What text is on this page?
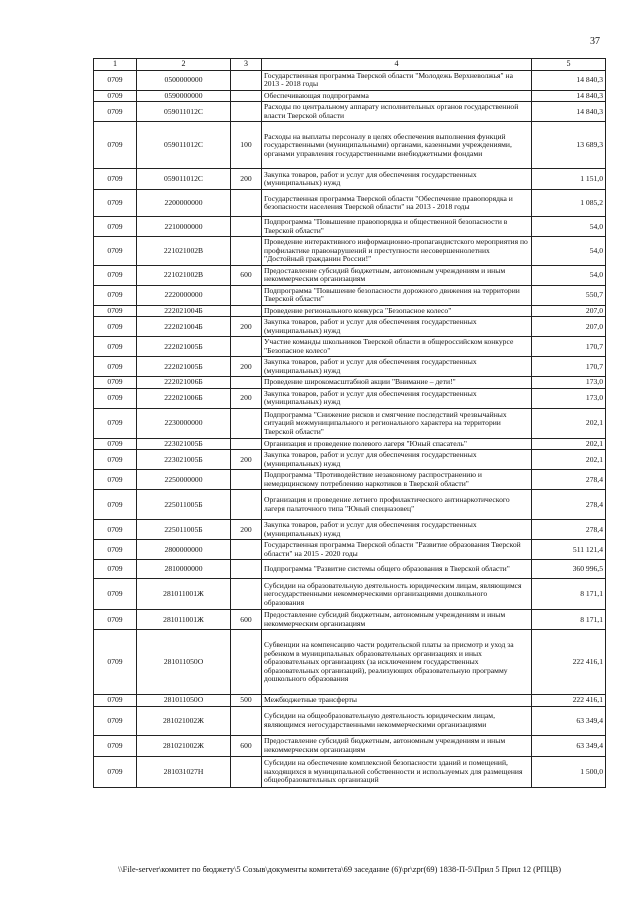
37
1	2	3	4	5
0709	0500000000		Государственная программа Тверской области "Молодежь Верхневолжья" на 2013 - 2018 годы	14 840,3
0709	0590000000		Обеспечивающая подпрограмма	14 840,3
0709	059011012С		Расходы по центральному аппарату исполнительных органов государственной власти Тверской области	14 840,3
0709	059011012С	100	Расходы на выплаты персоналу в целях обеспечения выполнения функций государственными (муниципальными) органами, казенными учреждениями, органами управления государственными внебюджетными фондами	13 689,3
0709	059011012С	200	Закупка товаров, работ и услуг для обеспечения государственных (муниципальных) нужд	1 151,0
0709	2200000000		Государственная программа Тверской области "Обеспечение правопорядка и безопасности населения Тверской области" на 2013 - 2018 годы	1 085,2
0709	2210000000		Подпрограмма "Повышение правопорядка и общественной безопасности в Тверской области"	54,0
0709	221021002В		Проведение интерактивного информационно-пропагандистского мероприятия по профилактике правонарушений и преступности несовершеннолетних "Достойный гражданин России!"	54,0
0709	221021002В	600	Предоставление субсидий бюджетным, автономным учреждениям и иным некоммерческим организациям	54,0
0709	2220000000		Подпрограмма "Повышение безопасности дорожного движения на территории Тверской области"	550,7
0709	222021004Б		Проведение регионального конкурса "Безопасное колесо"	207,0
0709	222021004Б	200	Закупка товаров, работ и услуг для обеспечения государственных (муниципальных) нужд	207,0
0709	222021005Б		Участие команды школьников Тверской области в общероссийском конкурсе "Безопасное колесо"	170,7
0709	222021005Б	200	Закупка товаров, работ и услуг для обеспечения государственных (муниципальных) нужд	170,7
0709	222021006Б		Проведение широкомасштабной акции "Внимание – дети!"	173,0
0709	222021006Б	200	Закупка товаров, работ и услуг для обеспечения государственных (муниципальных) нужд	173,0
0709	2230000000		Подпрограмма "Снижение рисков и смягчение последствий чрезвычайных ситуаций межмуниципального и регионального характера на территории Тверской области"	202,1
0709	223021005Б		Организация и проведение полевого лагеря "Юный спасатель"	202,1
0709	223021005Б	200	Закупка товаров, работ и услуг для обеспечения государственных (муниципальных) нужд	202,1
0709	2250000000		Подпрограмма "Противодействие незаконному распространению и немедицинскому потреблению наркотиков в Тверской области"	278,4
0709	225011005Б		Организация и проведение летнего профилактического антинаркотического лагеря палаточного типа "Юный спецназовец"	278,4
0709	225011005Б	200	Закупка товаров, работ и услуг для обеспечения государственных (муниципальных) нужд	278,4
0709	2800000000		Государственная программа Тверской области "Развитие образования Тверской области" на 2015 - 2020 годы	511 121,4
0709	2810000000		Подпрограмма "Развитие системы общего образования в Тверской области"	360 996,5
0709	281011001Ж		Субсидии на образовательную деятельность юридическим лицам, являющимся негосударственными некоммерческими организациями дошкольного образования	8 171,1
0709	281011001Ж	600	Предоставление субсидий бюджетным, автономным учреждениям и иным некоммерческим организациям	8 171,1
0709	281011050О		Субвенции на компенсацию части родительской платы за присмотр и уход за ребенком в муниципальных образовательных организациях и иных образовательных организациях (за исключением государственных образовательных организаций), реализующих образовательную программу дошкольного образования	222 416,1
0709	281011050О	500	Межбюджетные трансферты	222 416,1
0709	281021002Ж		Субсидии на общеобразовательную деятельность юридическим лицам, являющимся негосударственными некоммерческими организациями	63 349,4
0709	281021002Ж	600	Предоставление субсидий бюджетным, автономным учреждениям и иным некоммерческим организациям	63 349,4
0709	281031027Н		Субсидии на обеспечение комплексной безопасности зданий и помещений, находящихся в муниципальной собственности и используемых для размещения общеобразовательных организаций	1 500,0
\\File-server\комитет по бюджету\5 Созыв\документы комитета\69 заседание (6)\pr\zpr(69) 1838-П-5\Прил 5 Прил 12 (РПЦВ)
